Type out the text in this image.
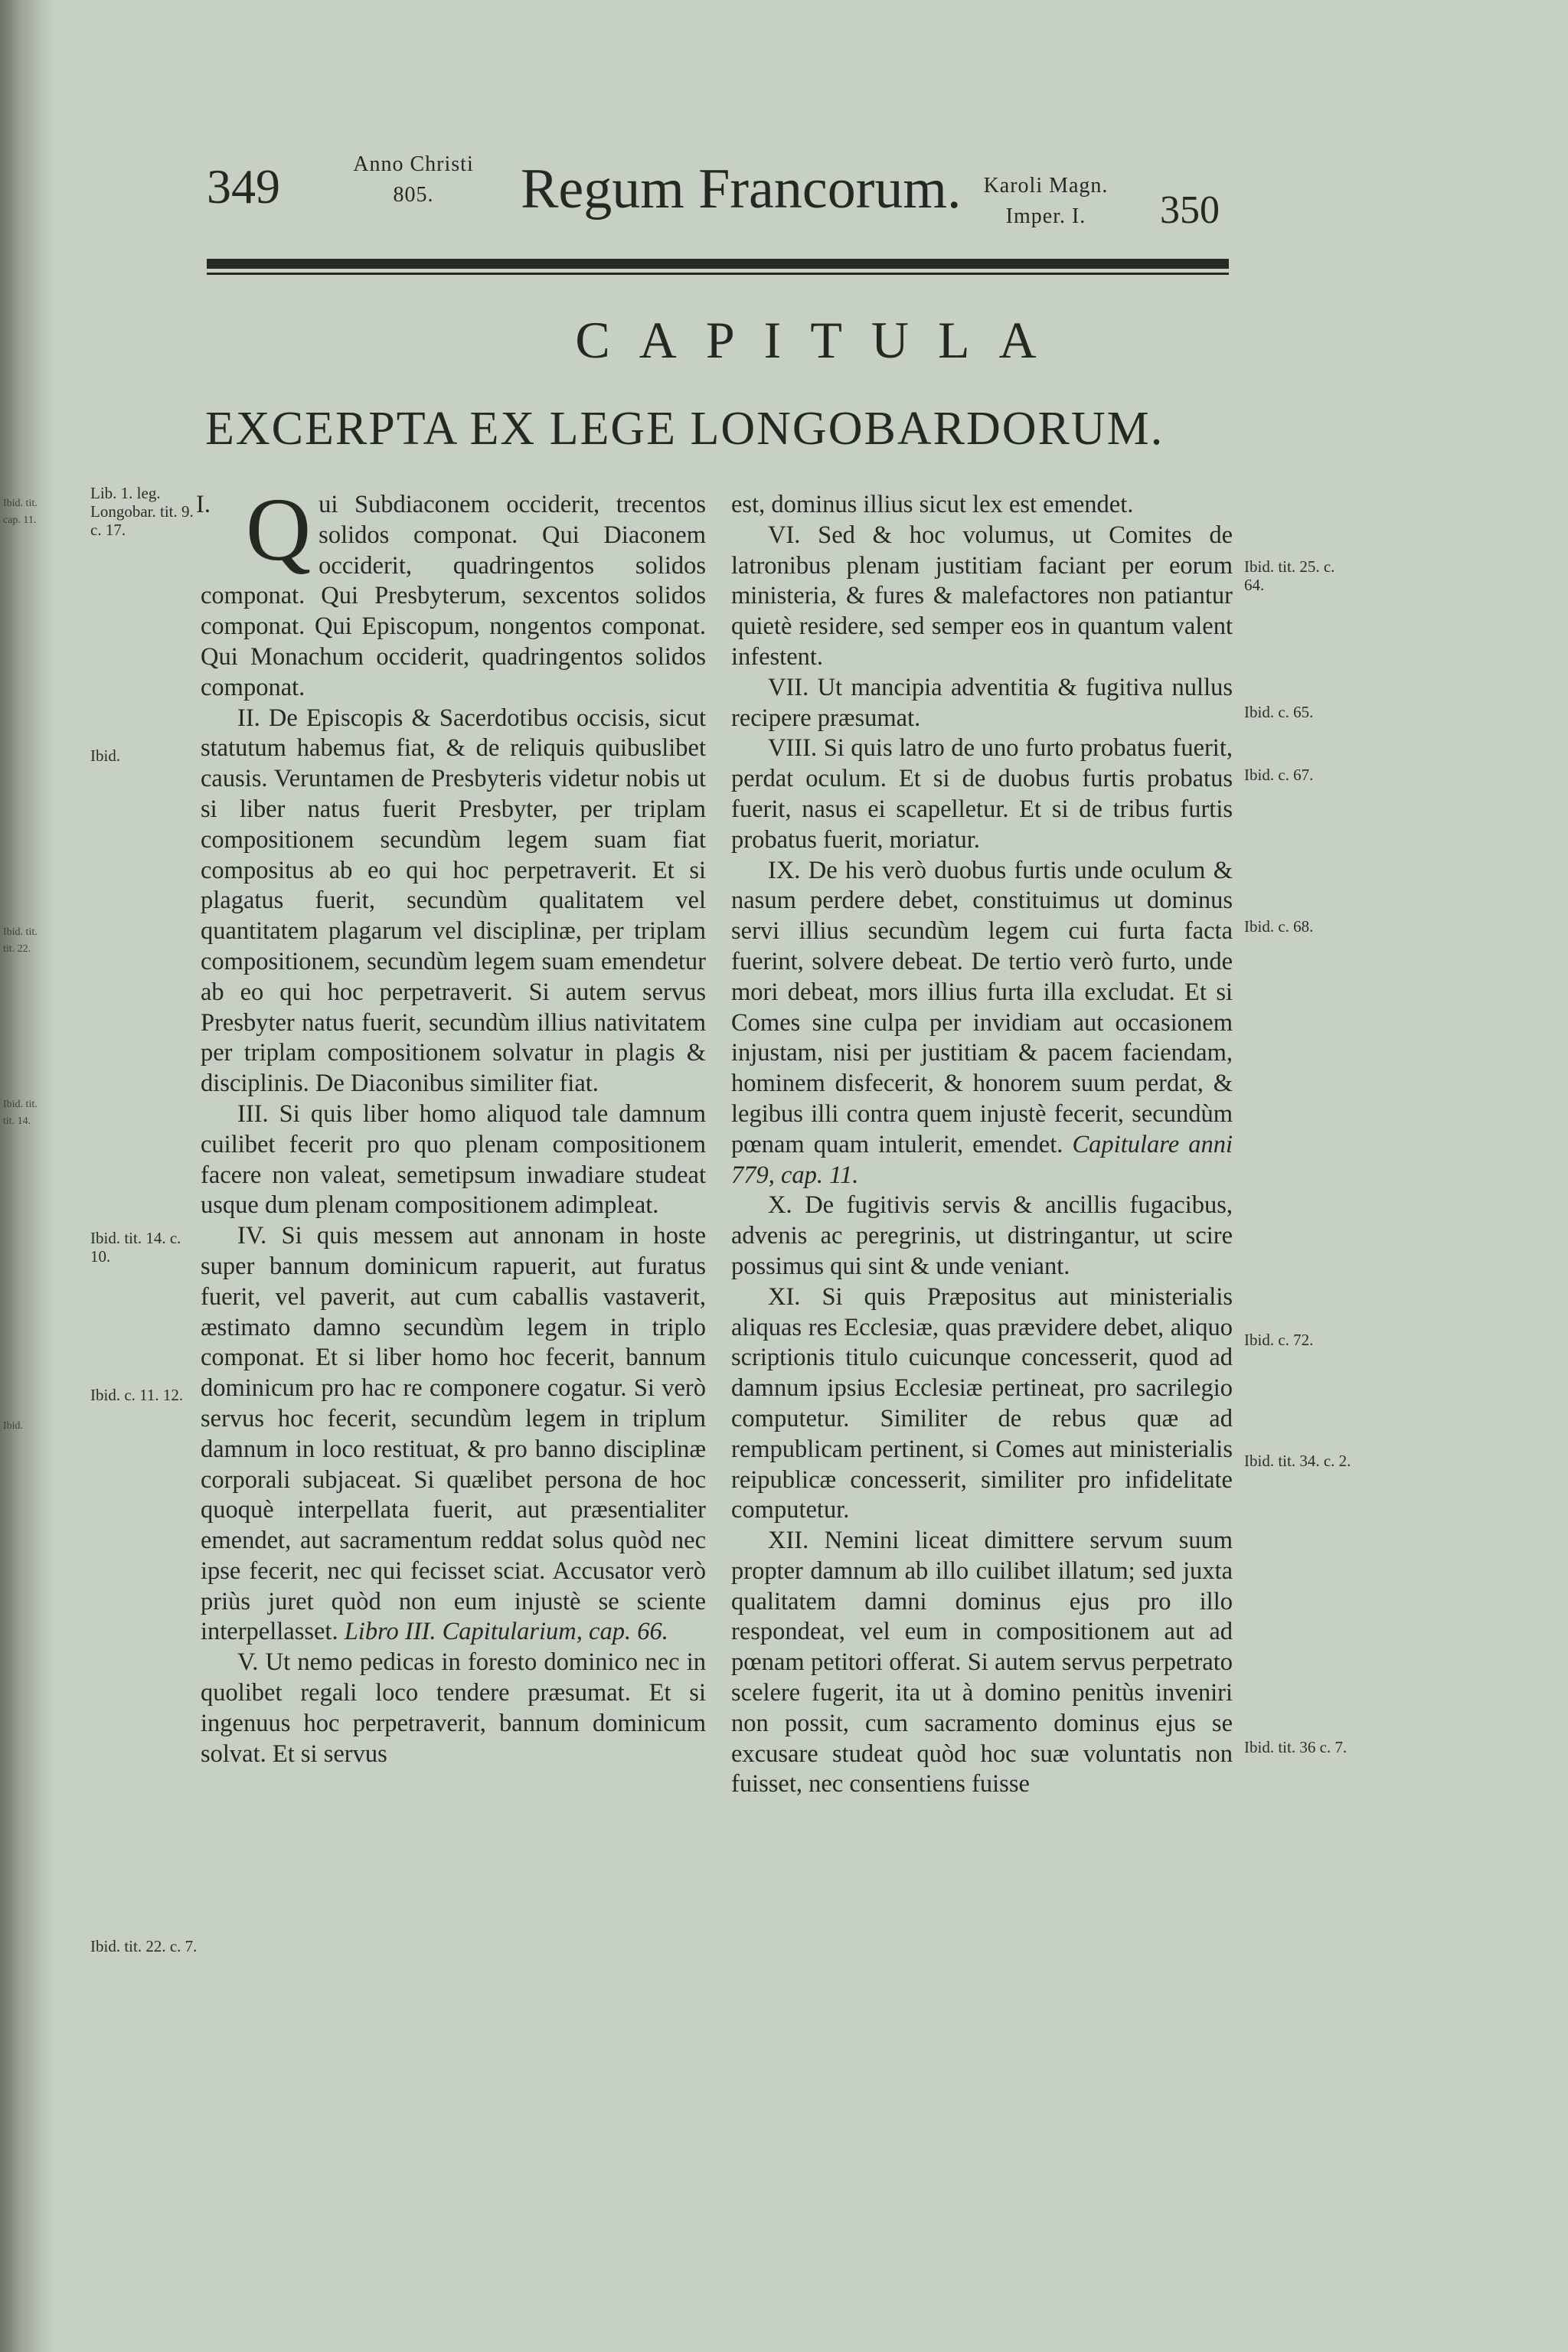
Ibid. tit.
cap. 11.
Ibid. tit.
tit. 22.
Ibid. tit.
tit. 14.
Ibid.
349	Anno Christi
805.	Regum Francorum.	Karoli Magn.
Imper. I.	350
CAPITULA
EXCERPTA EX LEGE LONGOBARDORUM.
Lib. 1. leg. Longobar. tit. 9. c. 17.
Ibid.
Ibid. tit. 14. c. 10.
Ibid. c. 11. 12.
Ibid. tit. 22. c. 7.
Ibid. tit. 25. c. 64.
Ibid. c. 65.
Ibid. c. 67.
Ibid. c. 68.
Ibid. c. 72.
Ibid. tit. 34. c. 2.
Ibid. tit. 36 c. 7.

I. Q ui Subdiaconem occiderit, trecentos solidos componat. Qui Diaconem occiderit, quadringentos solidos componat. Qui Presbyterum, sexcentos solidos componat. Qui Episcopum, nongentos componat. Qui Monachum occiderit, quadringentos solidos componat.

II. De Episcopis & Sacerdotibus occisis, sicut statutum habemus fiat, & de reliquis quibuslibet causis. Veruntamen de Presbyteris videtur nobis ut si liber natus fuerit Presbyter, per triplam compositionem secundùm legem suam fiat compositus ab eo qui hoc perpetraverit. Et si plagatus fuerit, secundùm qualitatem vel quantitatem plagarum vel disciplinæ, per triplam compositionem, secundùm legem suam emendetur ab eo qui hoc perpetraverit. Si autem servus Presbyter natus fuerit, secundùm illius nativitatem per triplam compositionem solvatur in plagis & disciplinis. De Diaconibus similiter fiat.

III. Si quis liber homo aliquod tale damnum cuilibet fecerit pro quo plenam compositionem facere non valeat, semetipsum inwadiare studeat usque dum plenam compositionem adimpleat.

IV. Si quis messem aut annonam in hoste super bannum dominicum rapuerit, aut furatus fuerit, vel paverit, aut cum caballis vastaverit, æstimato damno secundùm legem in triplo componat. Et si liber homo hoc fecerit, bannum dominicum pro hac re componere cogatur. Si verò servus hoc fecerit, secundùm legem in triplum damnum in loco restituat, & pro banno disciplinæ corporali subjaceat. Si quælibet persona de hoc quoquè interpellata fuerit, aut præsentialiter emendet, aut sacramentum reddat solus quòd nec ipse fecerit, nec qui fecisset sciat. Accusator verò priùs juret quòd non eum injustè se sciente interpellasset. Libro III. Capitularium, cap. 66.

V. Ut nemo pedicas in foresto dominico nec in quolibet regali loco tendere præsumat. Et si ingenuus hoc perpetraverit, bannum dominicum solvat. Et si servus

est, dominus illius sicut lex est emendet.

VI. Sed & hoc volumus, ut Comites de latronibus plenam justitiam faciant per eorum ministeria, & fures & malefactores non patiantur quietè residere, sed semper eos in quantum valent infestent.

VII. Ut mancipia adventitia & fugitiva nullus recipere præsumat.

VIII. Si quis latro de uno furto probatus fuerit, perdat oculum. Et si de duobus furtis probatus fuerit, nasus ei scapelletur. Et si de tribus furtis probatus fuerit, moriatur.

IX. De his verò duobus furtis unde oculum & nasum perdere debet, constituimus ut dominus servi illius secundùm legem cui furta facta fuerint, solvere debeat. De tertio verò furto, unde mori debeat, mors illius furta illa excludat. Et si Comes sine culpa per invidiam aut occasionem injustam, nisi per justitiam & pacem faciendam, hominem disfecerit, & honorem suum perdat, & legibus illi contra quem injustè fecerit, secundùm pœnam quam intulerit, emendet. Capitulare anni 779, cap. 11.

X. De fugitivis servis & ancillis fugacibus, advenis ac peregrinis, ut distringantur, ut scire possimus qui sint & unde veniant.

XI. Si quis Præpositus aut ministerialis aliquas res Ecclesiæ, quas prævidere debet, aliquo scriptionis titulo cuicunque concesserit, quod ad damnum ipsius Ecclesiæ pertineat, pro sacrilegio computetur. Similiter de rebus quæ ad rempublicam pertinent, si Comes aut ministerialis reipublicæ concesserit, similiter pro infidelitate computetur.

XII. Nemini liceat dimittere servum suum propter damnum ab illo cuilibet illatum; sed juxta qualitatem damni dominus ejus pro illo respondeat, vel eum in compositionem aut ad pœnam petitori offerat. Si autem servus perpetrato scelere fugerit, ita ut à domino penitùs inveniri non possit, cum sacramento dominus ejus se excusare studeat quòd hoc suæ voluntatis non fuisset, nec consentiens fuisse
